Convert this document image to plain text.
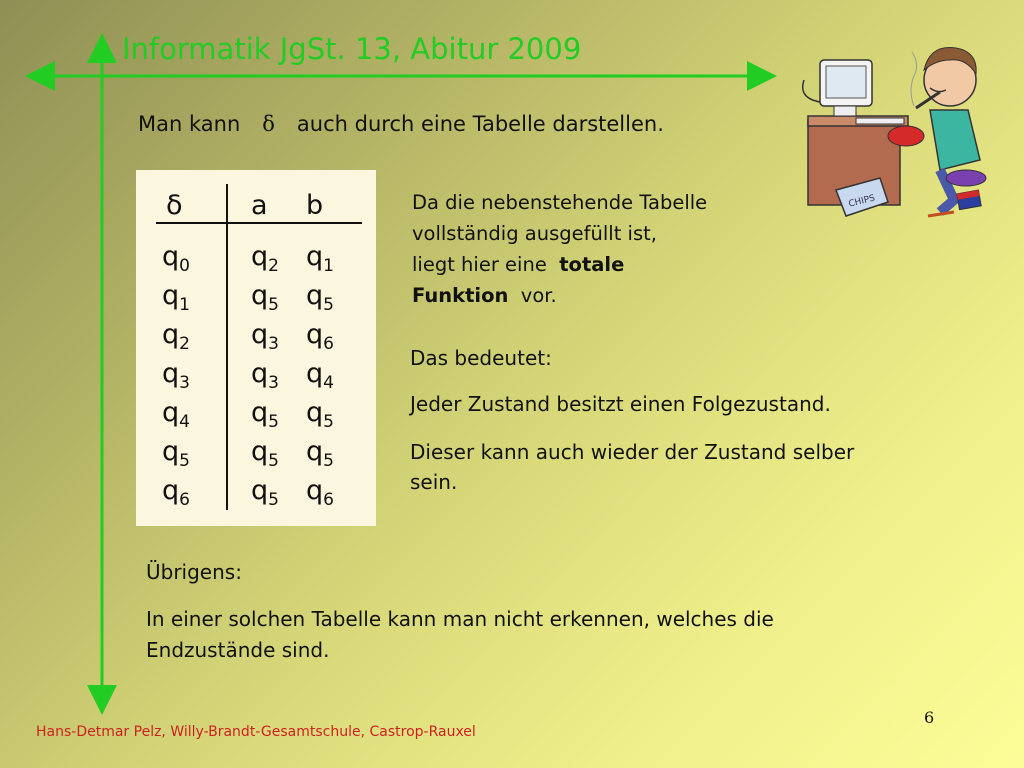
Informatik JgSt. 13, Abitur 2009
Man kann δ auch durch eine Tabelle darstellen.
δ	a b
$q_0$ $q_2$ $q_1$
$q_1$ $q_5$ $q_5$
$q_2$ $q_3$ $q_6$
$q_3$ $q_3$ $q_4$
$q_4$ $q_5$ $q_5$
$q_5$ $q_5$ $q_5$
$q_6$ $q_5$ $q_6$
Da die nebenstehende Tabelle
vollständig ausgefüllt ist,
liegt hier eine totale
Funktion vor.
Das bedeutet:
Jeder Zustand besitzt einen Folgezustand.
Dieser kann auch wieder der Zustand selber sein.
Übrigens:
In einer solchen Tabelle kann man nicht erkennen, welches die Endzustände sind.
CHIPS
6
Hans-Detmar Pelz, Willy-Brandt-Gesamtschule, Castrop-Rauxel
